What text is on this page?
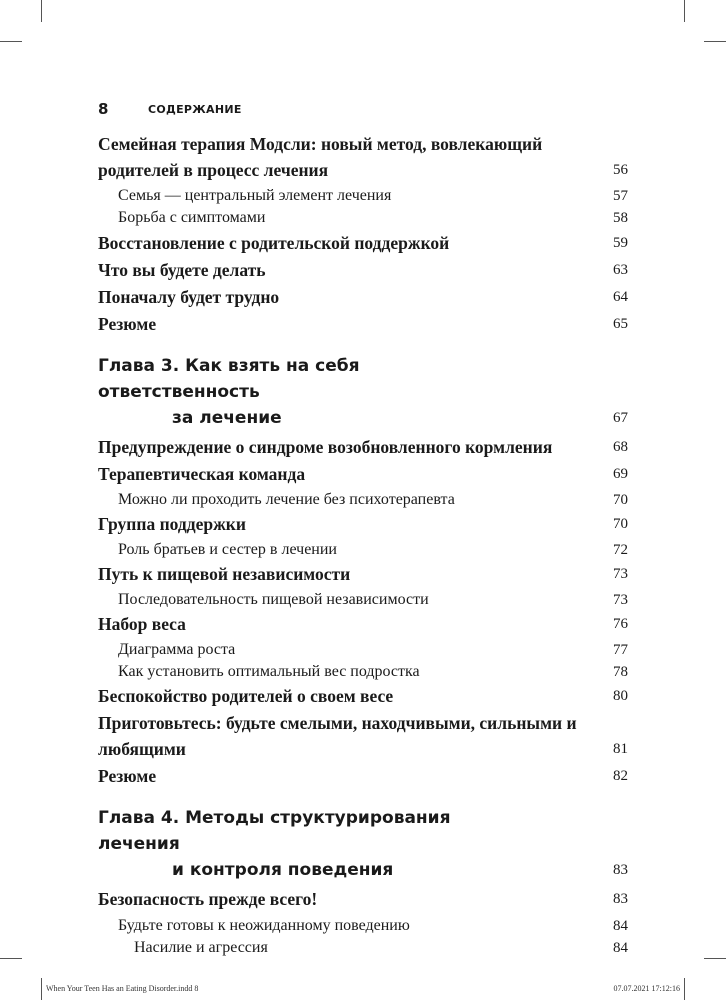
8	СОДЕРЖАНИЕ
Семейная терапия Модсли: новый метод, вовлекающий родителей в процесс лечения	56
Семья — центральный элемент лечения	57
Борьба с симптомами	58
Восстановление с родительской поддержкой	59
Что вы будете делать	63
Поначалу будет трудно	64
Резюме	65
Глава 3. Как взять на себя ответственность
за лечение	67
Предупреждение о синдроме возобновленного кормления	68
Терапевтическая команда	69
Можно ли проходить лечение без психотерапевта	70
Группа поддержки	70
Роль братьев и сестер в лечении	72
Путь к пищевой независимости	73
Последовательность пищевой независимости	73
Набор веса	76
Диаграмма роста	77
Как установить оптимальный вес подростка	78
Беспокойство родителей о своем весе	80
Приготовьтесь: будьте смелыми, находчивыми, сильными и любящими	81
Резюме	82
Глава 4. Методы структурирования лечения
и контроля поведения	83
Безопасность прежде всего!	83
Будьте готовы к неожиданному поведению	84
Насилие и агрессия	84
When Your Teen Has an Eating Disorder.indd 8	07.07.2021 17:12:16
